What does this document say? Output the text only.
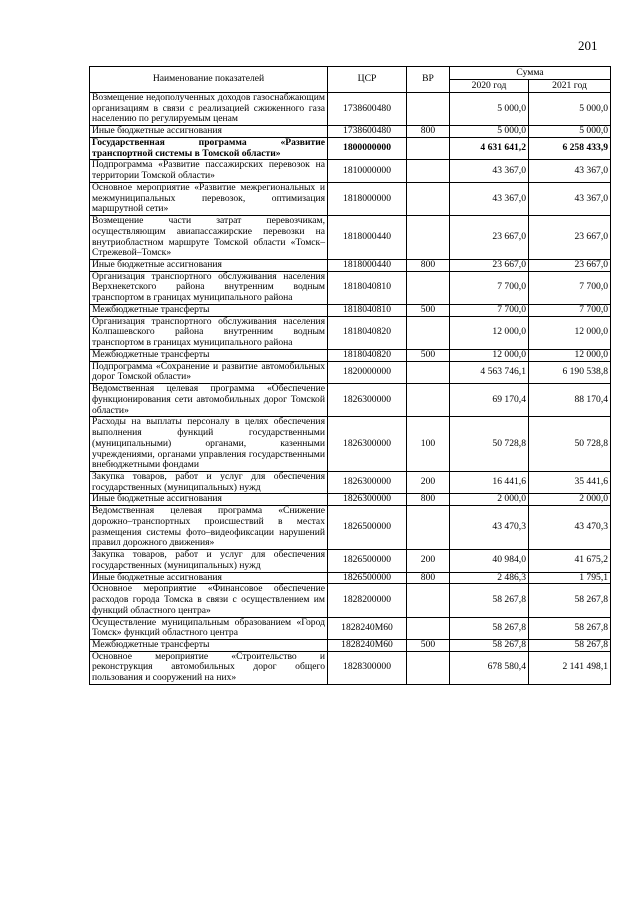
201
Наименование показателей	ЦСР	ВР	Сумма	
			2020 год	2021 год
Возмещение недополученных доходов газоснабжающим организациям в связи с реализацией сжиженного газа населению по регулируемым ценам	1738600480		5 000,0	5 000,0
Иные бюджетные ассигнования	1738600480	800	5 000,0	5 000,0
Государственная программа «Развитие транспортной системы в Томской области»	1800000000		4 631 641,2	6 258 433,9
Подпрограмма «Развитие пассажирских перевозок на территории Томской области»	1810000000		43 367,0	43 367,0
Основное мероприятие «Развитие межрегиональных и межмуниципальных перевозок, оптимизация маршрутной сети»	1818000000		43 367,0	43 367,0
Возмещение части затрат перевозчикам, осуществляющим авиапассажирские перевозки на внутриобластном маршруте Томской области «Томск–Стрежевой–Томск»	1818000440		23 667,0	23 667,0
Иные бюджетные ассигнования	1818000440	800	23 667,0	23 667,0
Организация транспортного обслуживания населения Верхнекетского района внутренним водным транспортом в границах муниципального района	1818040810		7 700,0	7 700,0
Межбюджетные трансферты	1818040810	500	7 700,0	7 700,0
Организация транспортного обслуживания населения Колпашевского района внутренним водным транспортом в границах муниципального района	1818040820		12 000,0	12 000,0
Межбюджетные трансферты	1818040820	500	12 000,0	12 000,0
Подпрограмма «Сохранение и развитие автомобильных дорог Томской области»	1820000000		4 563 746,1	6 190 538,8
Ведомственная целевая программа «Обеспечение функционирования сети автомобильных дорог Томской области»	1826300000		69 170,4	88 170,4
Расходы на выплаты персоналу в целях обеспечения выполнения функций государственными (муниципальными) органами, казенными учреждениями, органами управления государственными внебюджетными фондами	1826300000	100	50 728,8	50 728,8
Закупка товаров, работ и услуг для обеспечения государственных (муниципальных) нужд	1826300000	200	16 441,6	35 441,6
Иные бюджетные ассигнования	1826300000	800	2 000,0	2 000,0
Ведомственная целевая программа «Снижение дорожно–транспортных происшествий в местах размещения системы фото–видеофиксации нарушений правил дорожного движения»	1826500000		43 470,3	43 470,3
Закупка товаров, работ и услуг для обеспечения государственных (муниципальных) нужд	1826500000	200	40 984,0	41 675,2
Иные бюджетные ассигнования	1826500000	800	2 486,3	1 795,1
Основное мероприятие «Финансовое обеспечение расходов города Томска в связи с осуществлением им функций областного центра»	1828200000		58 267,8	58 267,8
Осуществление муниципальным образованием «Город Томск» функций областного центра	1828240М60		58 267,8	58 267,8
Межбюджетные трансферты	1828240М60	500	58 267,8	58 267,8
Основное мероприятие «Строительство и реконструкция автомобильных дорог общего пользования и сооружений на них»	1828300000		678 580,4	2 141 498,1
